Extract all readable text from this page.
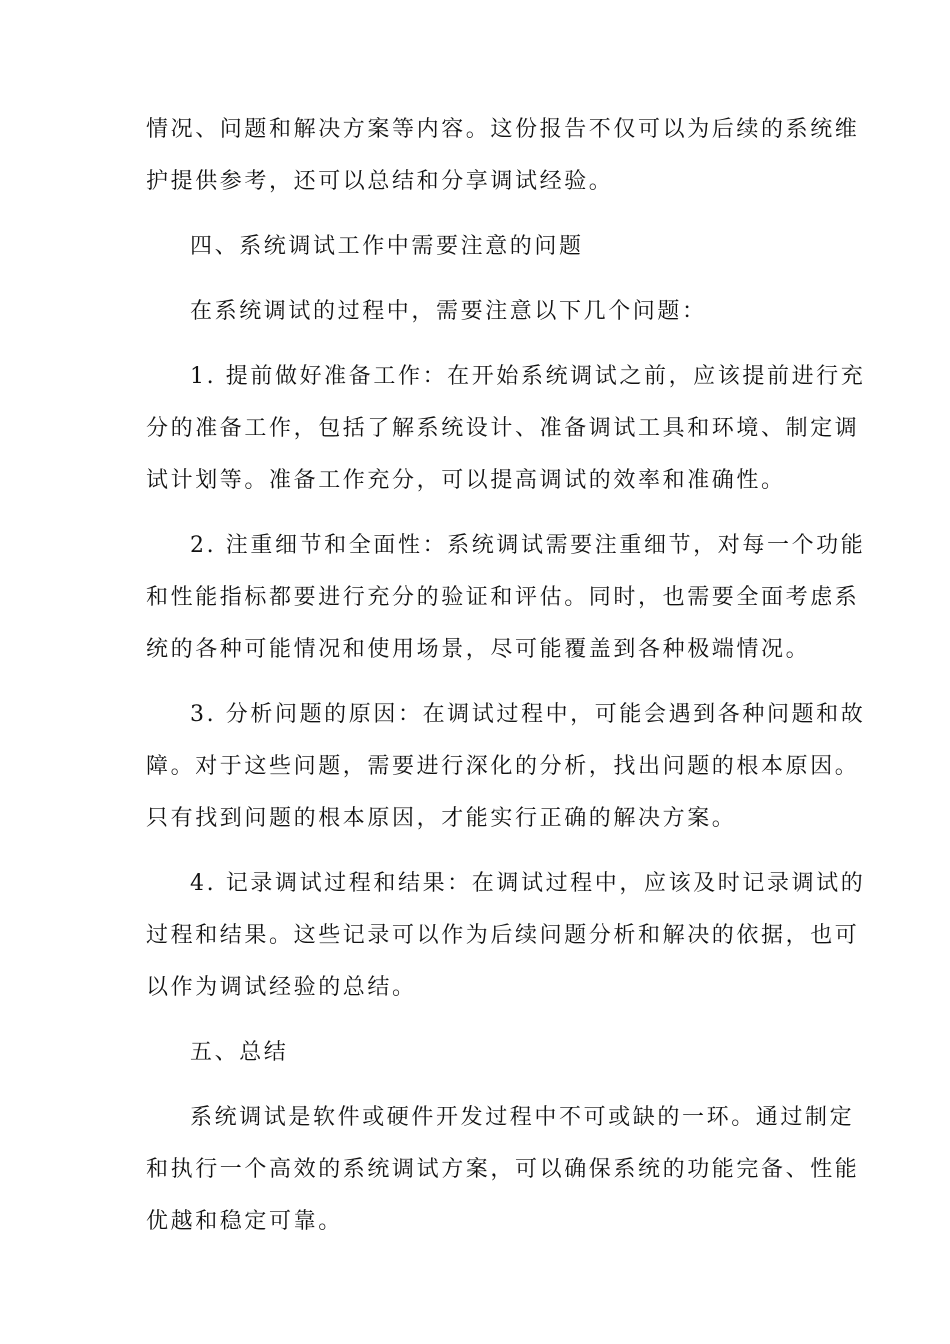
情况、问题和解决方案等内容。这份报告不仅可以为后续的系统维
护提供参考，还可以总结和分享调试经验。
四、系统调试工作中需要注意的问题
在系统调试的过程中，需要注意以下几个问题：
1. 提前做好准备工作：在开始系统调试之前，应该提前进行充
分的准备工作，包括了解系统设计、准备调试工具和环境、制定调
试计划等。准备工作充分，可以提高调试的效率和准确性。
2. 注重细节和全面性：系统调试需要注重细节，对每一个功能
和性能指标都要进行充分的验证和评估。同时，也需要全面考虑系
统的各种可能情况和使用场景，尽可能覆盖到各种极端情况。
3. 分析问题的原因：在调试过程中，可能会遇到各种问题和故
障。对于这些问题，需要进行深化的分析，找出问题的根本原因。
只有找到问题的根本原因，才能实行正确的解决方案。
4. 记录调试过程和结果：在调试过程中，应该及时记录调试的
过程和结果。这些记录可以作为后续问题分析和解决的依据，也可
以作为调试经验的总结。
五、总结
系统调试是软件或硬件开发过程中不可或缺的一环。通过制定
和执行一个高效的系统调试方案，可以确保系统的功能完备、性能
优越和稳定可靠。
